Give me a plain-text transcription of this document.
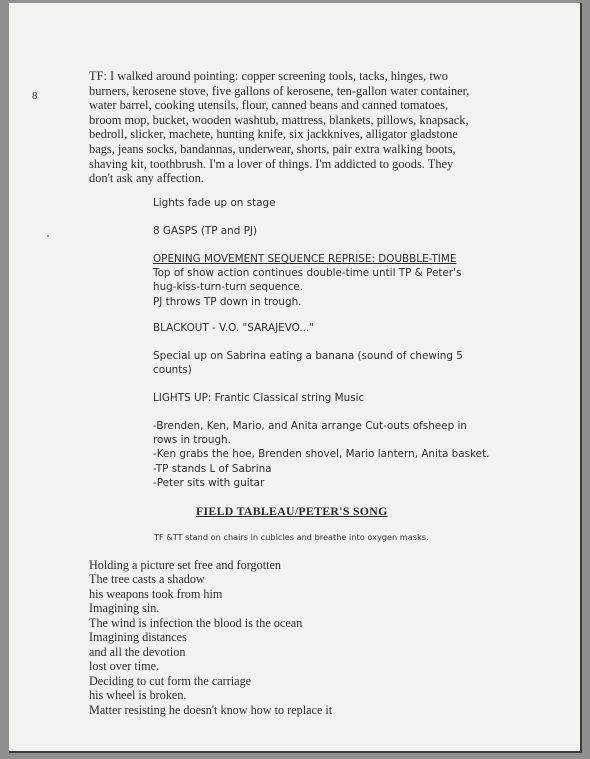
8
TF: I walked around pointing: copper screening tools, tacks, hinges, two
burners, kerosene stove, five gallons of kerosene, ten-gallon water container,
water barrel, cooking utensils, flour, canned beans and canned tomatoes,
broom mop, bucket, wooden washtub, mattress, blankets, pillows, knapsack,
bedroll, slicker, machete, hunting knife, six jackknives, alligator gladstone
bags, jeans socks, bandannas, underwear, shorts, pair extra walking boots,
shaving kit, toothbrush. I'm a lover of things. I'm addicted to goods. They
don't ask any affection.
Lights fade up on stage
8 GASPS (TP and PJ)
OPENING MOVEMENT SEQUENCE REPRISE: DOUBBLE-TIME
Top of show action continues double-time until TP & Peter's
hug-kiss-turn-turn sequence.
PJ throws TP down in trough.
BLACKOUT - V.O. "SARAJEVO..."
Special up on Sabrina eating a banana (sound of chewing 5
counts)
LIGHTS UP: Frantic Classical string Music
-Brenden, Ken, Mario, and Anita arrange Cut-outs ofsheep in
rows in trough.
-Ken grabs the hoe, Brenden shovel, Mario lantern, Anita basket.
-TP stands L of Sabrina
-Peter sits with guitar
FIELD TABLEAU/PETER'S SONG
TF &TT stand on chairs in cubicles and breathe into oxygen masks.
Holding a picture set free and forgotten
The tree casts a shadow
his weapons took from him
Imagining sin.
The wind is infection the blood is the ocean
Imagining distances
and all the devotion
lost over time.
Deciding to cut form the carriage
his wheel is broken.
Matter resisting he doesn't know how to replace it
